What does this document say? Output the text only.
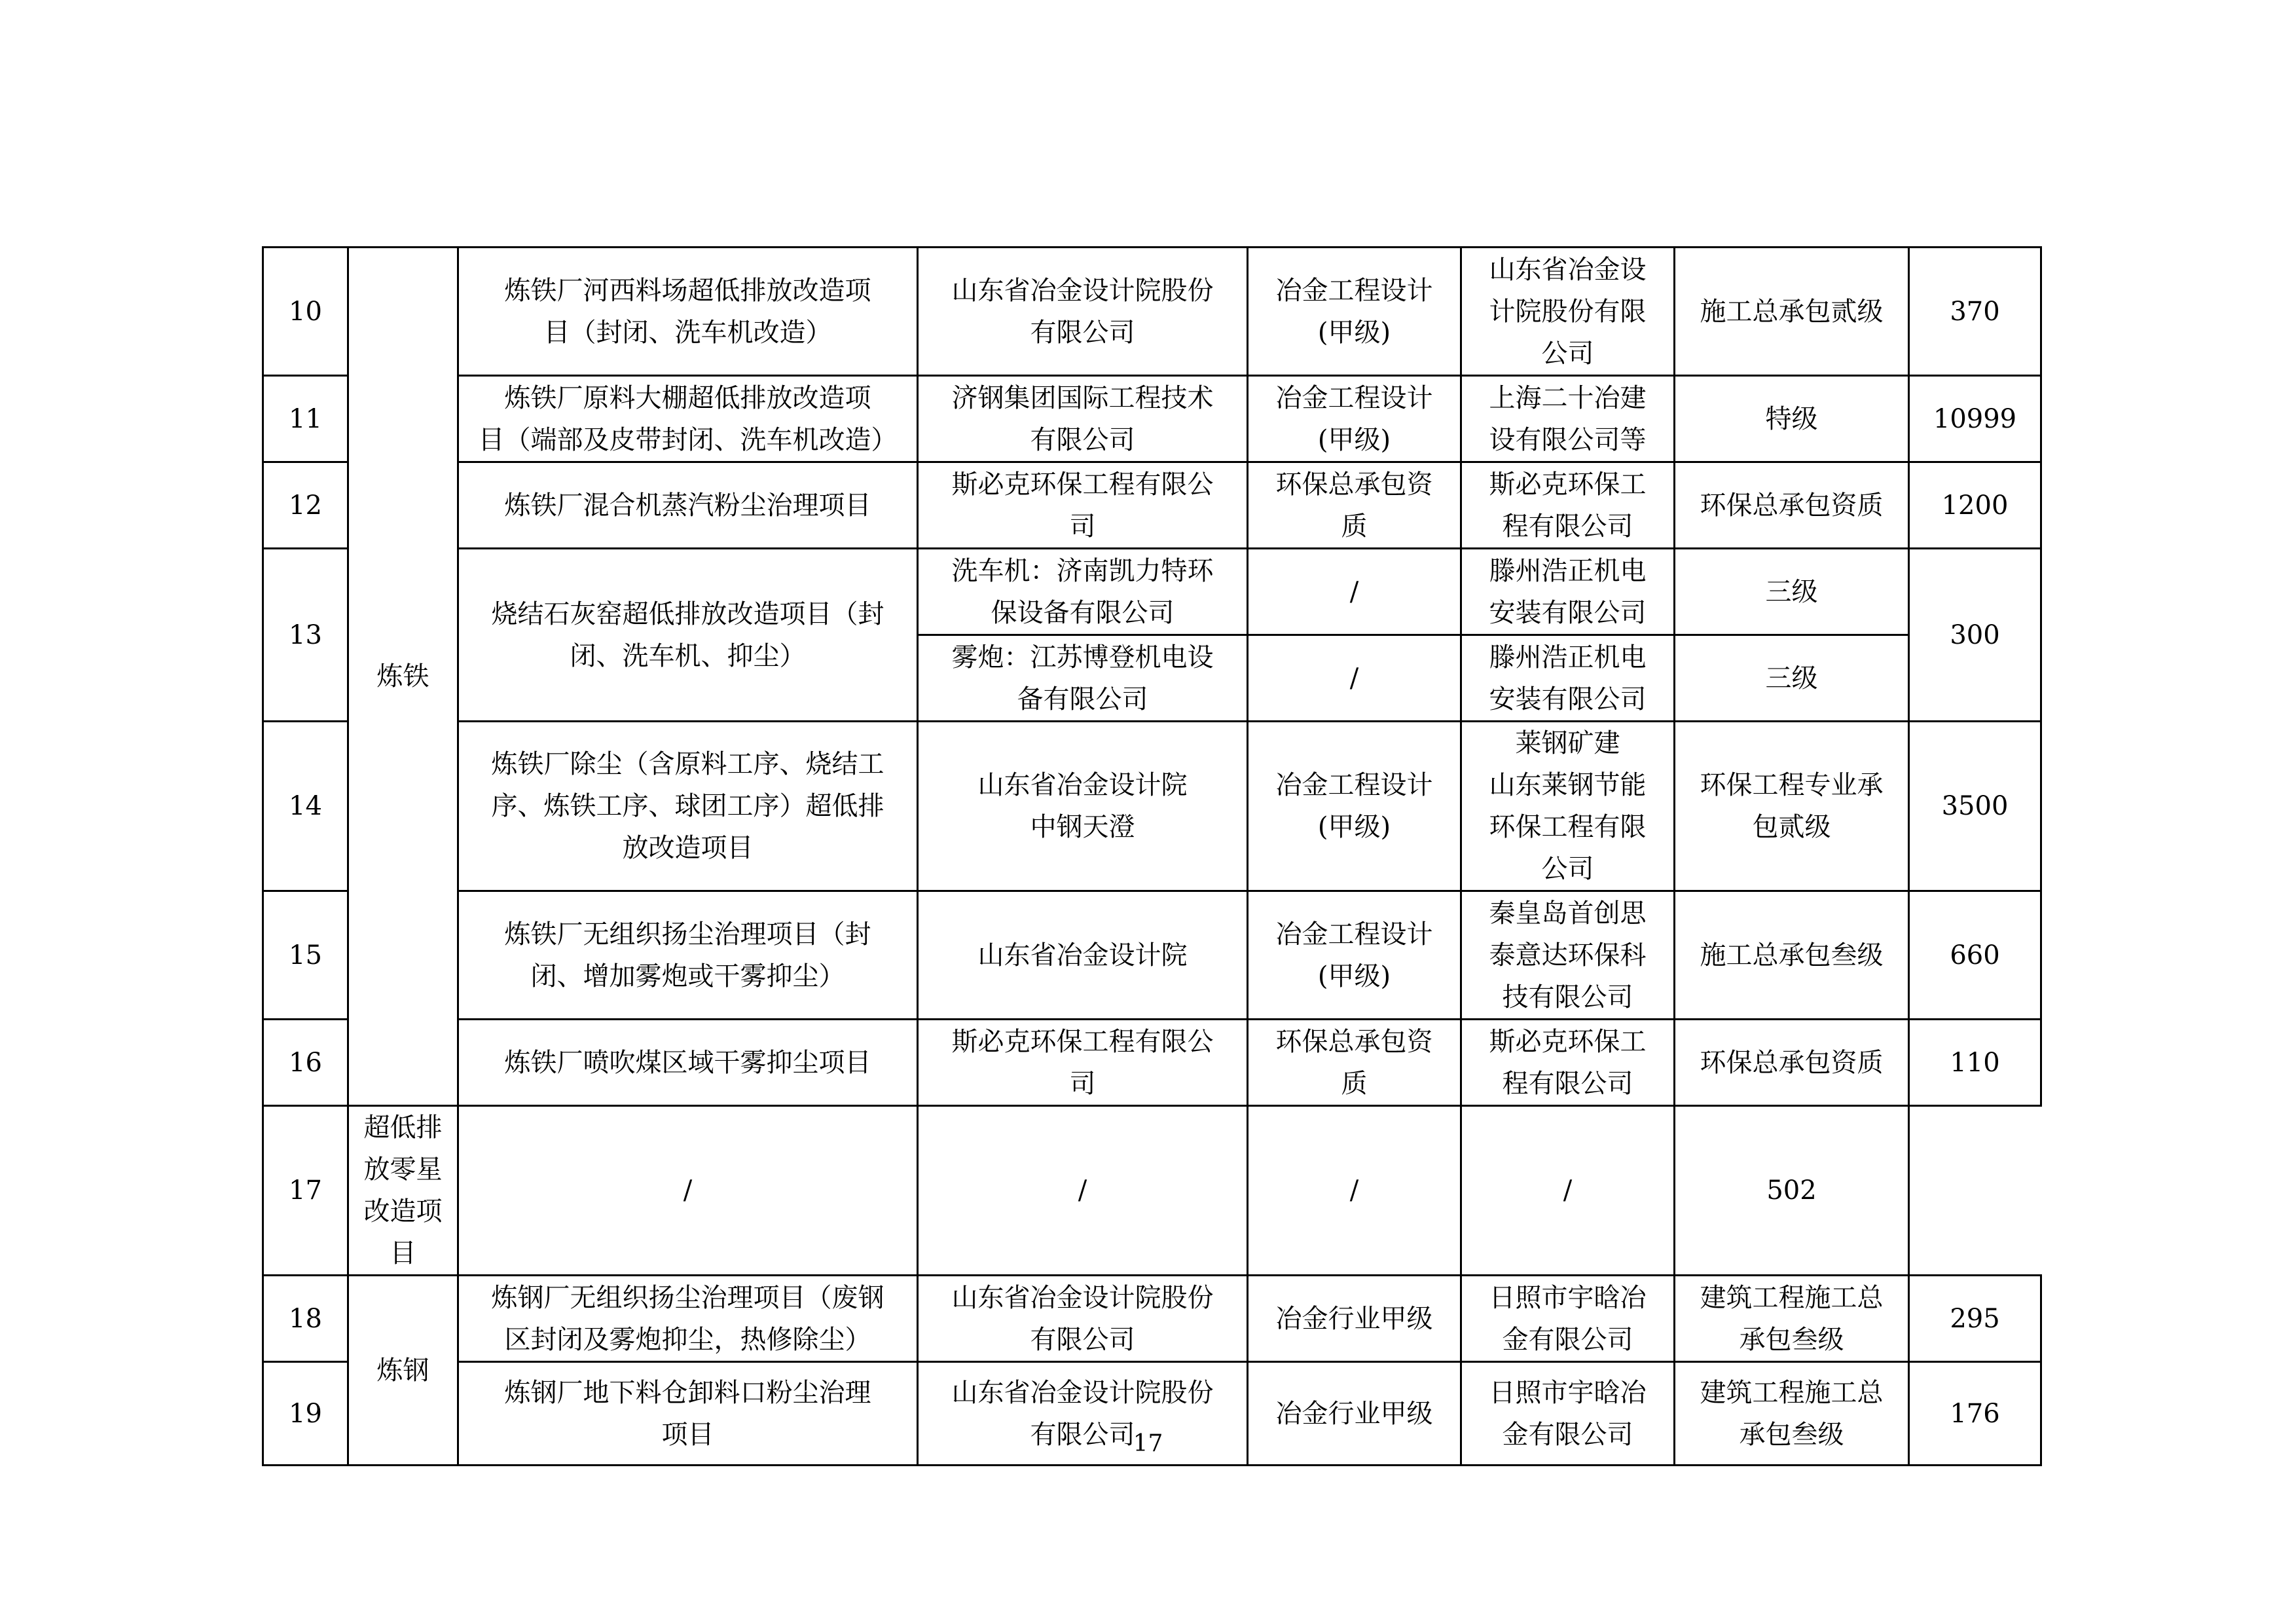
10	炼铁	炼铁厂河西料场超低排放改造项
目（封闭、洗车机改造）	山东省冶金设计院股份
有限公司	冶金工程设计
(甲级)	山东省冶金设
计院股份有限
公司	施工总承包贰级	370

11		炼铁厂原料大棚超低排放改造项
目（端部及皮带封闭、洗车机改造）	济钢集团国际工程技术
有限公司	冶金工程设计
(甲级)	上海二十冶建
设有限公司等	特级	10999

12		炼铁厂混合机蒸汽粉尘治理项目	斯必克环保工程有限公
司	环保总承包资
质	斯必克环保工
程有限公司	环保总承包资质	1200

13		烧结石灰窑超低排放改造项目（封
闭、洗车机、抑尘）	洗车机：济南凯力特环
保设备有限公司	/	滕州浩正机电
安装有限公司	三级	300

			雾炮：江苏博登机电设
备有限公司	/	滕州浩正机电
安装有限公司	三级	

14		炼铁厂除尘（含原料工序、烧结工
序、炼铁工序、球团工序）超低排
放改造项目	山东省冶金设计院
中钢天澄	冶金工程设计
(甲级)	莱钢矿建
山东莱钢节能
环保工程有限
公司	环保工程专业承
包贰级	3500

15		炼铁厂无组织扬尘治理项目（封
闭、增加雾炮或干雾抑尘）	山东省冶金设计院	冶金工程设计
(甲级)	秦皇岛首创思
泰意达环保科
技有限公司	施工总承包叁级	660

16		炼铁厂喷吹煤区域干雾抑尘项目	斯必克环保工程有限公
司	环保总承包资
质	斯必克环保工
程有限公司	环保总承包资质	110

17	超低排放零星改造项目	/	/	/	/	502	

18	炼钢	炼钢厂无组织扬尘治理项目（废钢
区封闭及雾炮抑尘，热修除尘）	山东省冶金设计院股份
有限公司	冶金行业甲级	日照市宇晗冶
金有限公司	建筑工程施工总
承包叁级	295

19		炼钢厂地下料仓卸料口粉尘治理
项目	山东省冶金设计院股份
有限公司	冶金行业甲级	日照市宇晗冶
金有限公司	建筑工程施工总
承包叁级	176
17
